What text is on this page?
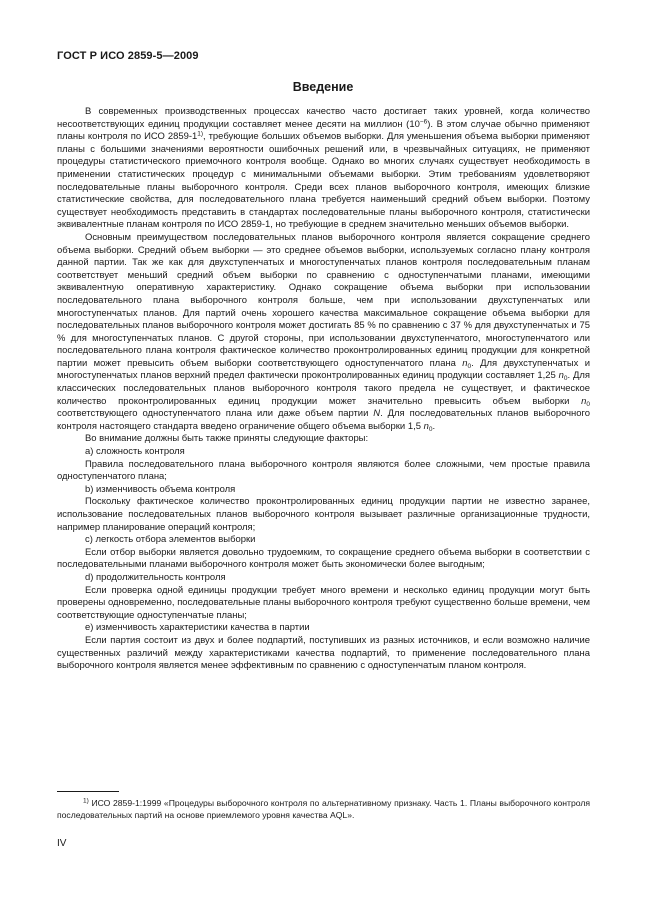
ГОСТ Р ИСО 2859-5—2009
Введение

В современных производственных процессах качество часто достигает таких уровней, когда количество несоответствующих единиц продукции составляет менее десяти на миллион $(10^{-6})$. В этом случае обычно применяют планы контроля по ИСО 2859-1$^{1)}$, требующие больших объемов выборки. Для уменьшения объема выборки применяют планы с большими значениями вероятности ошибочных решений или, в чрезвычайных ситуациях, не применяют процедуры статистического приемочного контроля вообще. Однако во многих случаях существует необходимость в применении статистических процедур с минимальными объемами выборки. Этим требованиям удовлетворяют последовательные планы выборочного контроля. Среди всех планов выборочного контроля, имеющих близкие статистические свойства, для последовательного плана требуется наименьший средний объем выборки. Поэтому существует необходимость представить в стандартах последовательные планы выборочного контроля, статистически эквивалентные планам контроля по ИСО 2859-1, но требующие в среднем значительно меньших объемов выборки.

Основным преимуществом последовательных планов выборочного контроля является сокращение среднего объема выборки. Средний объем выборки — это среднее объемов выборки, используемых согласно плану контроля данной партии. Так же как для двухступенчатых и многоступенчатых планов контроля последовательным планам соответствует меньший средний объем выборки по сравнению с одноступенчатыми планами, имеющими эквивалентную оперативную характеристику. Однако сокращение объема выборки при использовании последовательного плана выборочного контроля больше, чем при использовании двухступенчатых или многоступенчатых планов. Для партий очень хорошего качества максимальное сокращение объема выборки для последовательных планов выборочного контроля может достигать 85 % по сравнению с 37 % для двухступенчатых и 75 % для многоступенчатых планов. С другой стороны, при использовании двухступенчатого, многоступенчатого или последовательного плана контроля фактическое количество проконтролированных единиц продукции для конкретной партии может превысить объем выборки соответствующего одноступенчатого плана $n_0$. Для двухступенчатых и многоступенчатых планов верхний предел фактически проконтролированных единиц продукции составляет 1,25 $n_0$. Для классических последовательных планов выборочного контроля такого предела не существует, и фактическое количество проконтролированных единиц продукции может значительно превысить объем выборки $n_0$ соответствующего одноступенчатого плана или даже объем партии N. Для последовательных планов выборочного контроля настоящего стандарта введено ограничение общего объема выборки 1,5 $n_0$.

Во внимание должны быть также приняты следующие факторы:

a) сложность контроля

Правила последовательного плана выборочного контроля являются более сложными, чем простые правила одноступенчатого плана;

b) изменчивость объема контроля

Поскольку фактическое количество проконтролированных единиц продукции партии не известно заранее, использование последовательных планов выборочного контроля вызывает различные организационные трудности, например планирование операций контроля;

c) легкость отбора элементов выборки

Если отбор выборки является довольно трудоемким, то сокращение среднего объема выборки в соответствии с последовательными планами выборочного контроля может быть экономически более выгодным;

d) продолжительность контроля

Если проверка одной единицы продукции требует много времени и несколько единиц продукции могут быть проверены одновременно, последовательные планы выборочного контроля требуют существенно больше времени, чем соответствующие одноступенчатые планы;

e) изменчивость характеристики качества в партии

Если партия состоит из двух и более подпартий, поступивших из разных источников, и если возможно наличие существенных различий между характеристиками качества подпартий, то применение последовательного плана выборочного контроля является менее эффективным по сравнению с одноступенчатым планом контроля.

$^{1)}$ ИСО 2859-1:1999 «Процедуры выборочного контроля по альтернативному признаку. Часть 1. Планы выборочного контроля последовательных партий на основе приемлемого уровня качества AQL».

IV
